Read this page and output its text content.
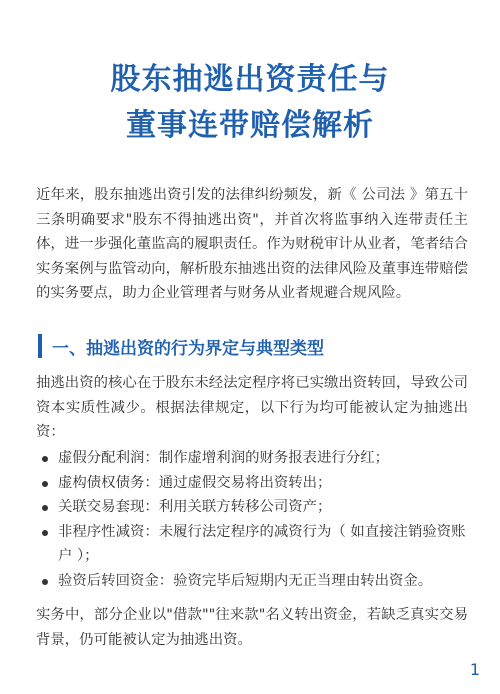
股东抽逃出资责任与
董事连带赔偿解析
近年来，股东抽逃出资引发的法律纠纷频发，新《 公司法 》第五十三条明确要求"股东不得抽逃出资"，并首次将监事纳入连带责任主体，进一步强化董监高的履职责任。作为财税审计从业者，笔者结合实务案例与监管动向，解析股东抽逃出资的法律风险及董事连带赔偿的实务要点，助力企业管理者与财务从业者规避合规风险。
一、抽逃出资的行为界定与典型类型
抽逃出资的核心在于股东未经法定程序将已实缴出资转回，导致公司资本实质性减少。根据法律规定，以下行为均可能被认定为抽逃出资：
虚假分配利润：制作虚增利润的财务报表进行分红；
虚构债权债务：通过虚假交易将出资转出；
关联交易套现：利用关联方转移公司资产；
非程序性减资：未履行法定程序的减资行为（ 如直接注销验资账户 ）；
验资后转回资金：验资完毕后短期内无正当理由转出资金。
实务中，部分企业以"借款""往来款"名义转出资金，若缺乏真实交易背景，仍可能被认定为抽逃出资。
1
